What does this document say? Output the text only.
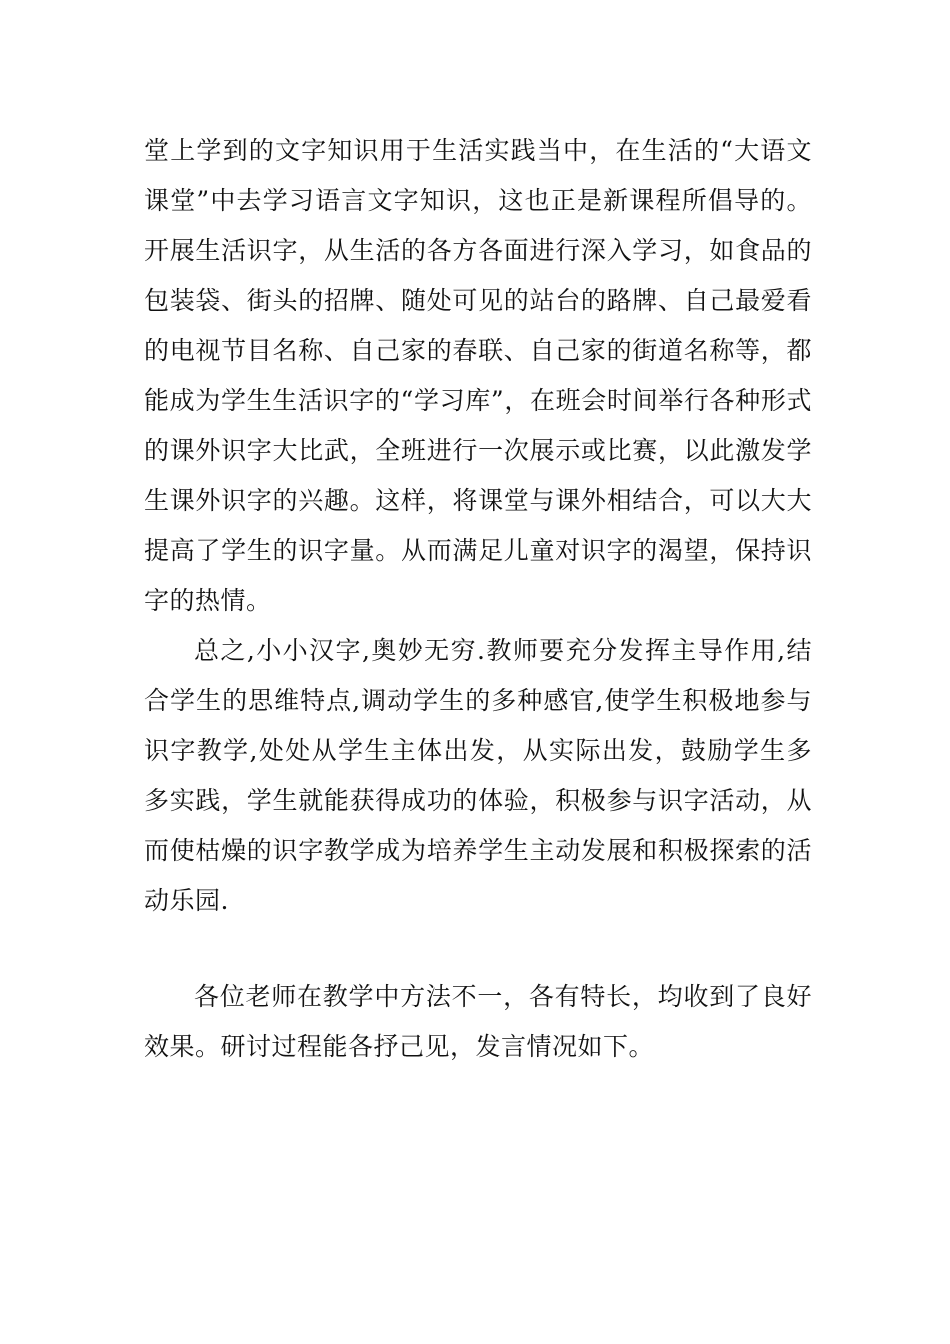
堂上学到的文字知识用于生活实践当中，在生活的“大语文课堂”中去学习语言文字知识，这也正是新课程所倡导的。开展生活识字，从生活的各方各面进行深入学习，如食品的包装袋、街头的招牌、随处可见的站台的路牌、自己最爱看的电视节目名称、自己家的春联、自己家的街道名称等，都能成为学生生活识字的“学习库”，在班会时间举行各种形式的课外识字大比武，全班进行一次展示或比赛，以此激发学生课外识字的兴趣。这样，将课堂与课外相结合，可以大大提高了学生的识字量。从而满足儿童对识字的渴望，保持识字的热情。

总之,小小汉字,奥妙无穷.教师要充分发挥主导作用,结合学生的思维特点,调动学生的多种感官,使学生积极地参与识字教学,处处从学生主体出发，从实际出发，鼓励学生多多实践，学生就能获得成功的体验，积极参与识字活动，从而使枯燥的识字教学成为培养学生主动发展和积极探索的活动乐园.

各位老师在教学中方法不一，各有特长，均收到了良好效果。研讨过程能各抒己见，发言情况如下。
